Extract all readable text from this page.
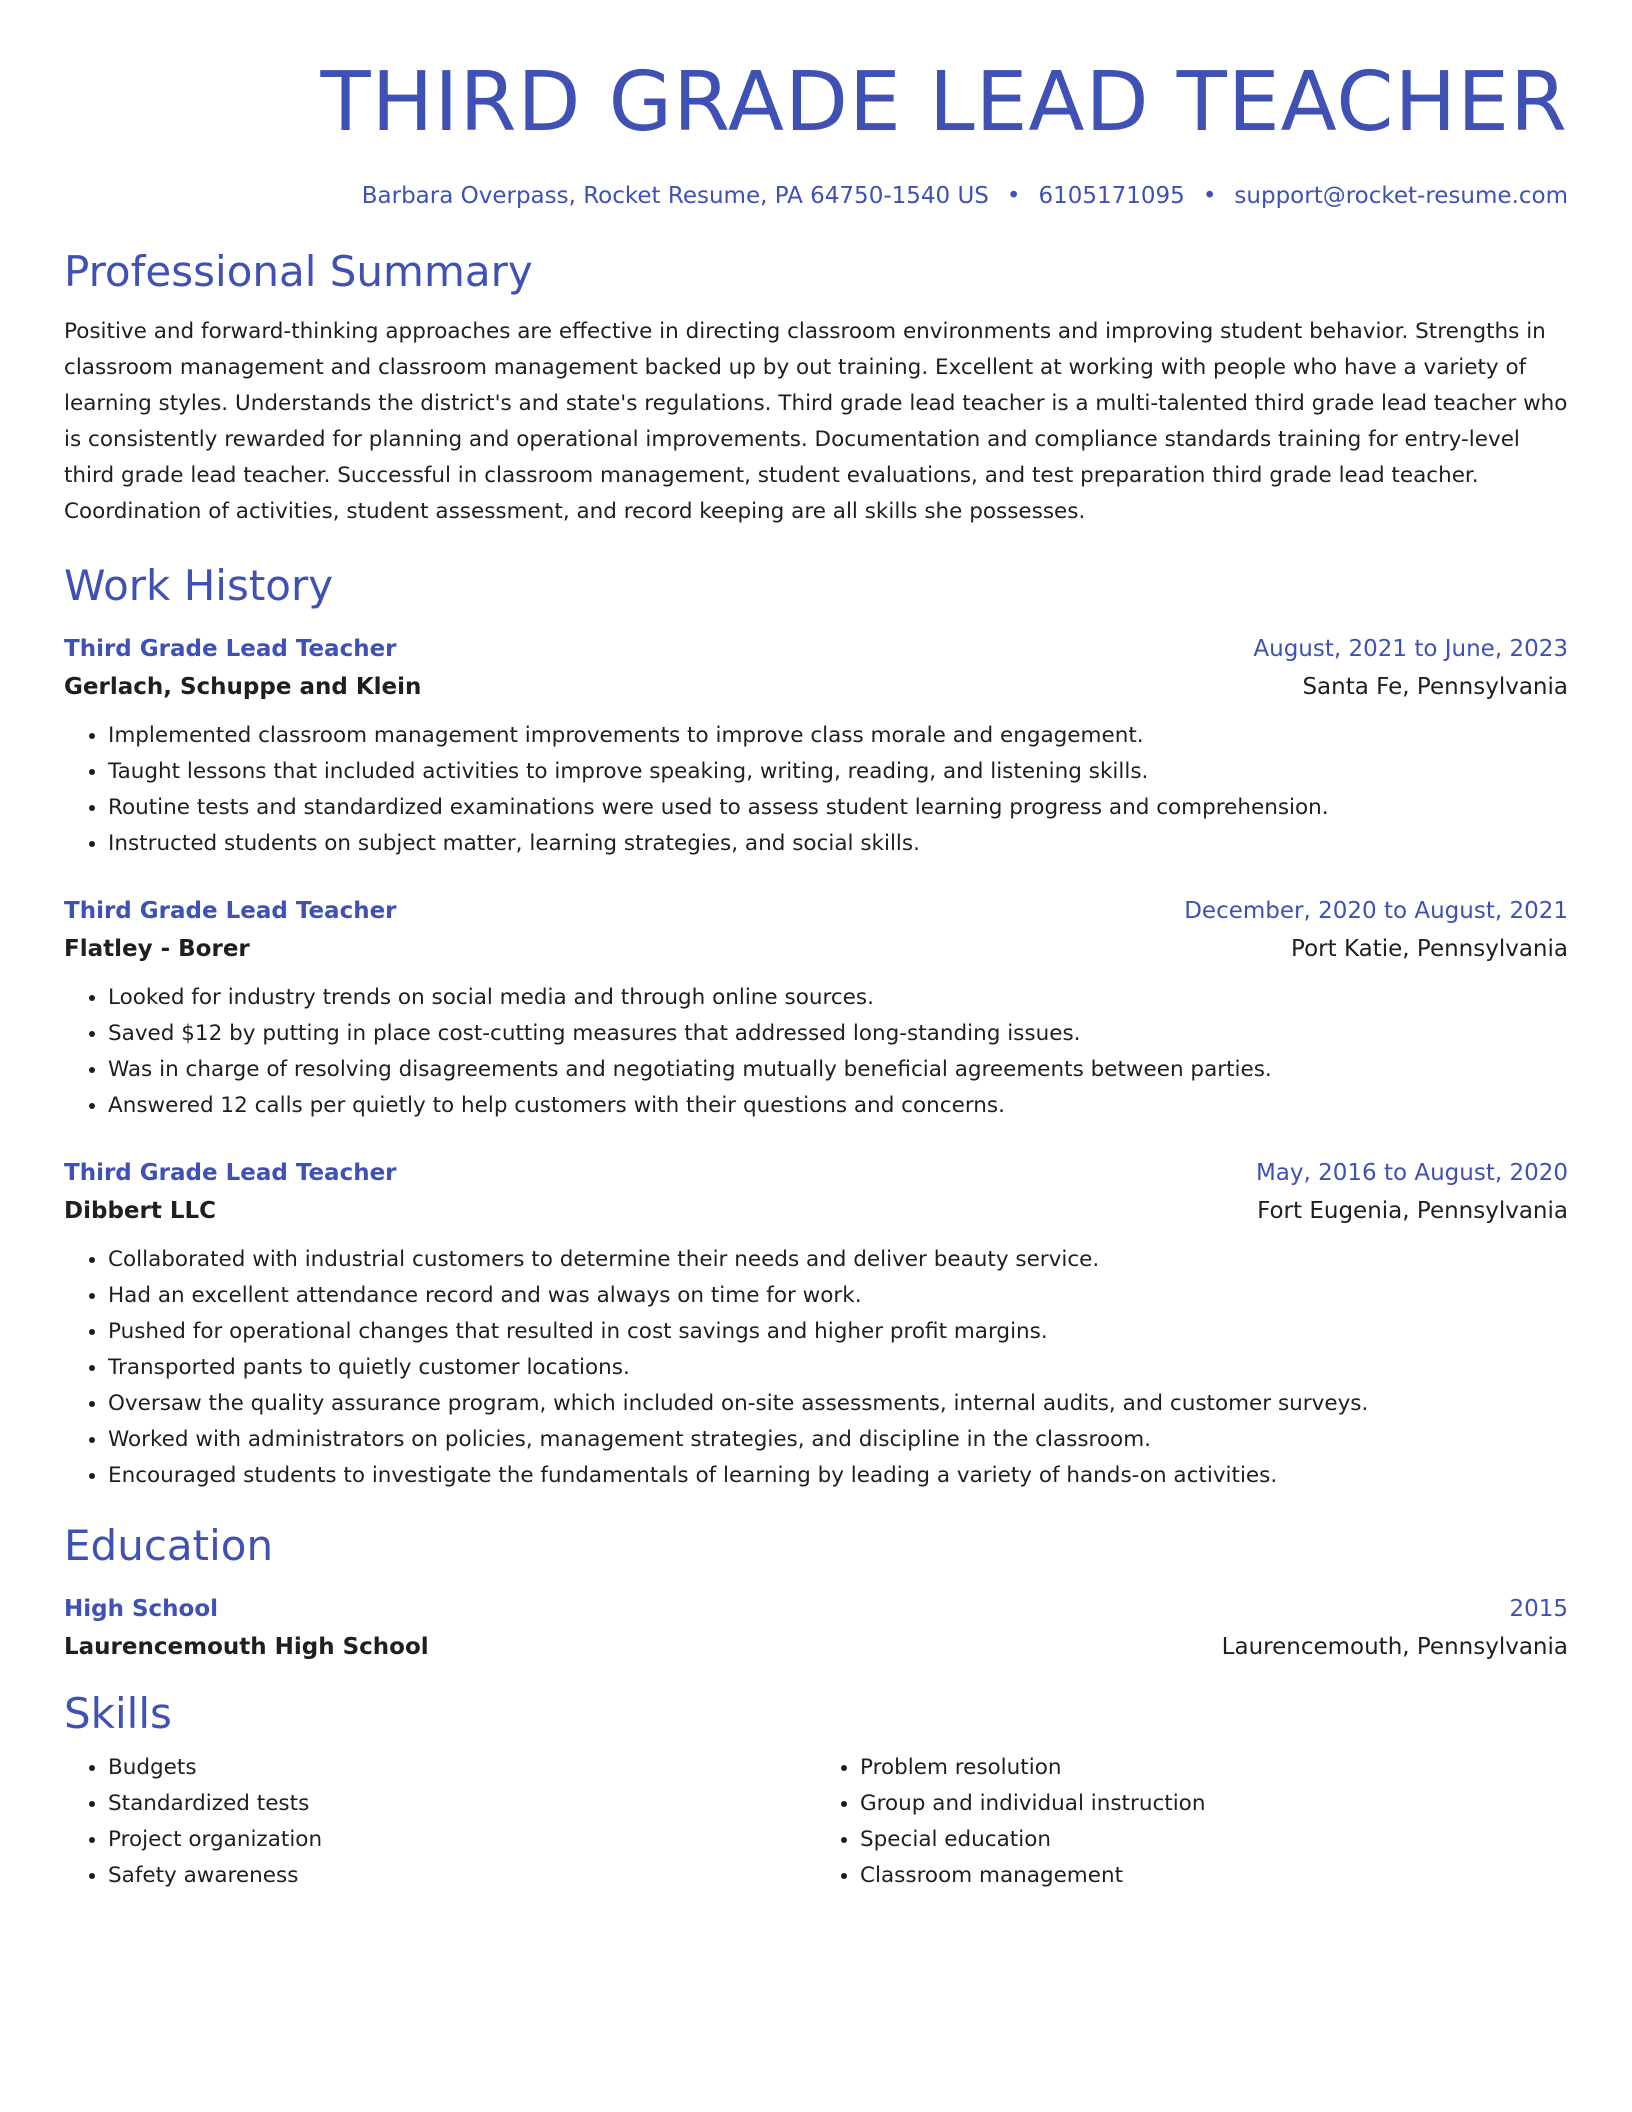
THIRD GRADE LEAD TEACHER
Barbara Overpass, Rocket Resume, PA 64750-1540 US • 6105171095 • support@rocket-resume.com
Professional Summary
Positive and forward-thinking approaches are effective in directing classroom environments and improving student behavior. Strengths in classroom management and classroom management backed up by out training. Excellent at working with people who have a variety of learning styles. Understands the district's and state's regulations. Third grade lead teacher is a multi-talented third grade lead teacher who is consistently rewarded for planning and operational improvements. Documentation and compliance standards training for entry-level third grade lead teacher. Successful in classroom management, student evaluations, and test preparation third grade lead teacher. Coordination of activities, student assessment, and record keeping are all skills she possesses.
Work History
Third Grade Lead Teacher	August, 2021 to June, 2023
Gerlach, Schuppe and Klein	Santa Fe, Pennsylvania
• Implemented classroom management improvements to improve class morale and engagement.
• Taught lessons that included activities to improve speaking, writing, reading, and listening skills.
• Routine tests and standardized examinations were used to assess student learning progress and comprehension.
• Instructed students on subject matter, learning strategies, and social skills.
Third Grade Lead Teacher	December, 2020 to August, 2021
Flatley - Borer	Port Katie, Pennsylvania
• Looked for industry trends on social media and through online sources.
• Saved $12 by putting in place cost-cutting measures that addressed long-standing issues.
• Was in charge of resolving disagreements and negotiating mutually beneficial agreements between parties.
• Answered 12 calls per quietly to help customers with their questions and concerns.
Third Grade Lead Teacher	May, 2016 to August, 2020
Dibbert LLC	Fort Eugenia, Pennsylvania
• Collaborated with industrial customers to determine their needs and deliver beauty service.
• Had an excellent attendance record and was always on time for work.
• Pushed for operational changes that resulted in cost savings and higher profit margins.
• Transported pants to quietly customer locations.
• Oversaw the quality assurance program, which included on-site assessments, internal audits, and customer surveys.
• Worked with administrators on policies, management strategies, and discipline in the classroom.
• Encouraged students to investigate the fundamentals of learning by leading a variety of hands-on activities.
Education
High School	2015
Laurencemouth High School	Laurencemouth, Pennsylvania
Skills
• Budgets
• Standardized tests
• Project organization
• Safety awareness
• Problem resolution
• Group and individual instruction
• Special education
• Classroom management
